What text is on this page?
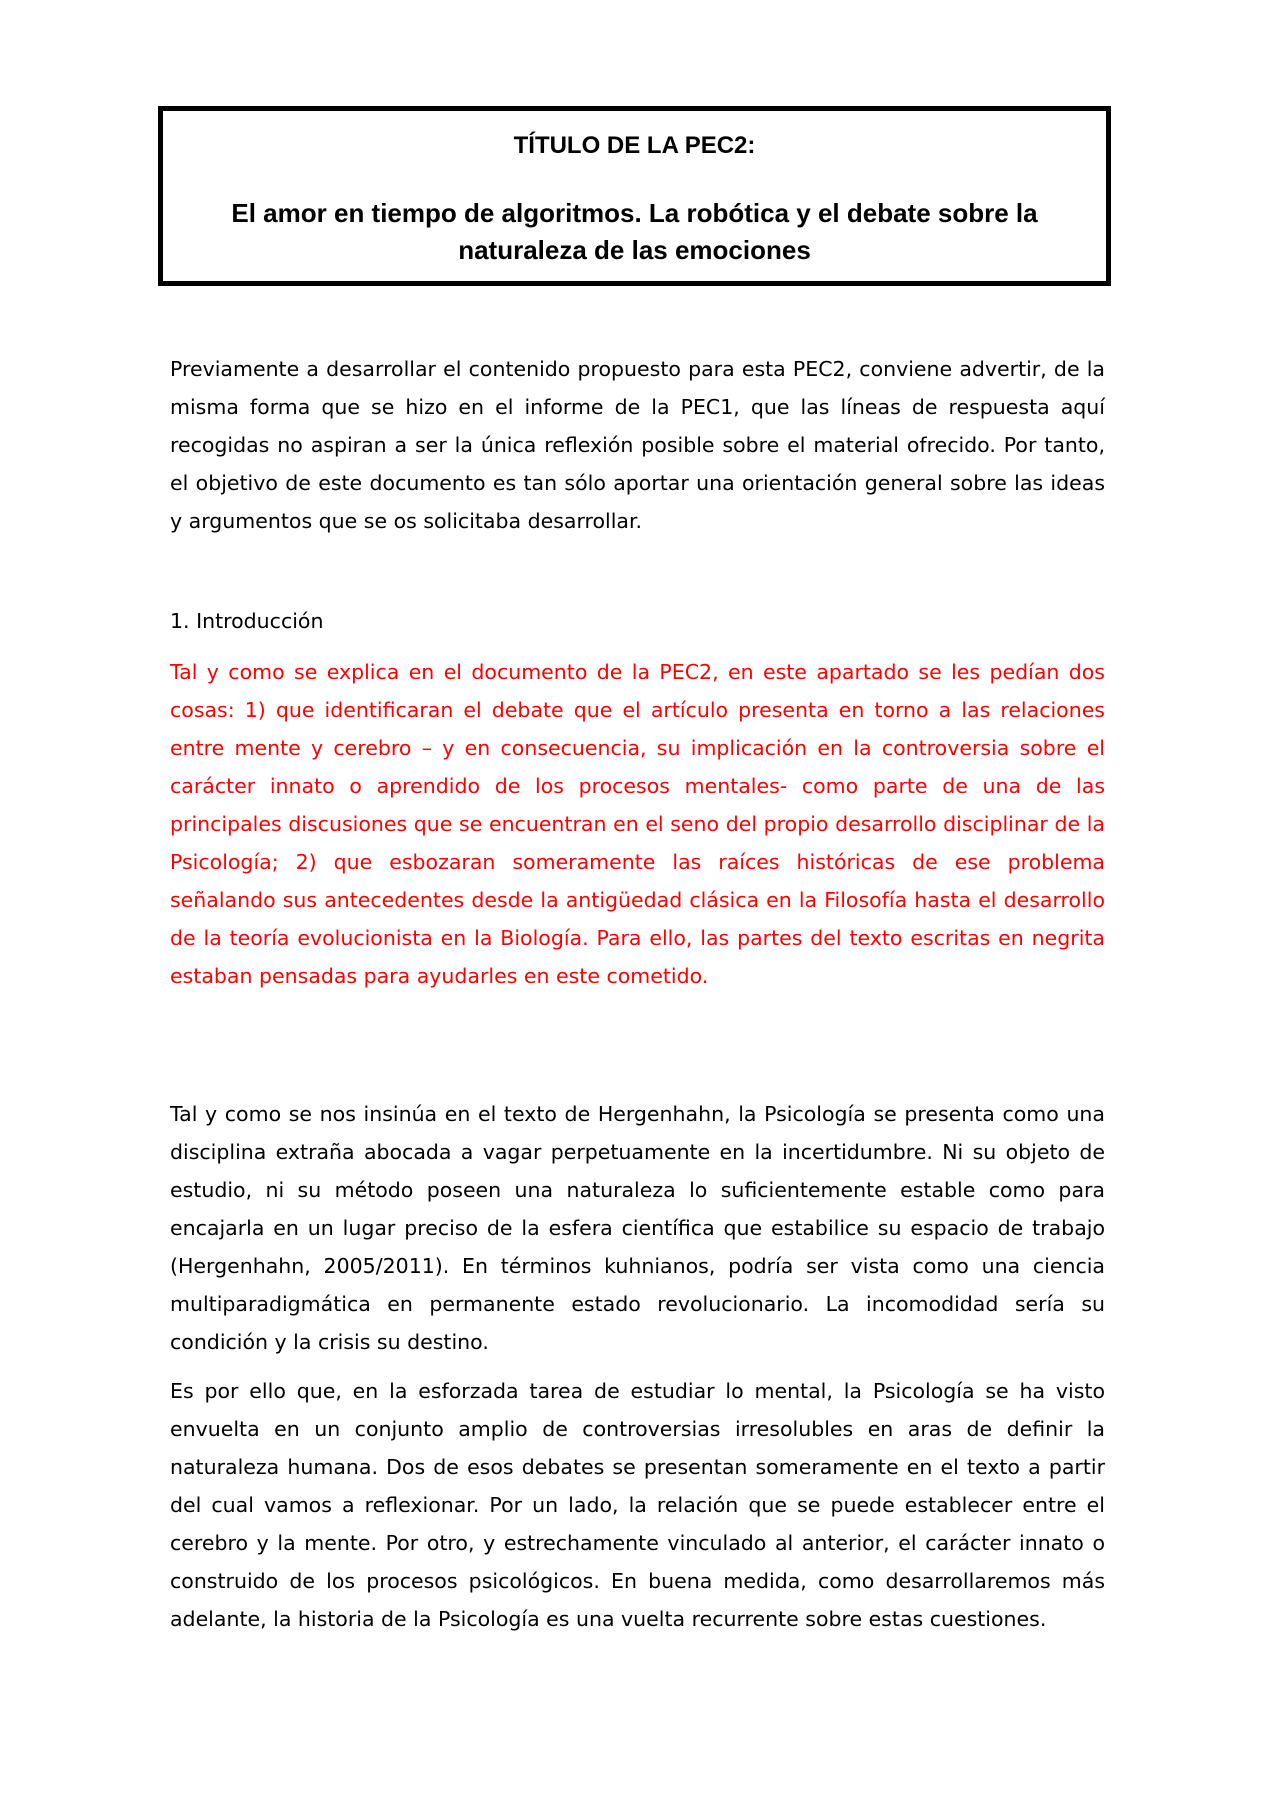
TÍTULO DE LA PEC2:
El amor en tiempo de algoritmos. La robótica y el debate sobre la naturaleza de las emociones

Previamente a desarrollar el contenido propuesto para esta PEC2, conviene advertir, de la misma forma que se hizo en el informe de la PEC1, que las líneas de respuesta aquí recogidas no aspiran a ser la única reflexión posible sobre el material ofrecido. Por tanto, el objetivo de este documento es tan sólo aportar una orientación general sobre las ideas y argumentos que se os solicitaba desarrollar.

1. Introducción

Tal y como se explica en el documento de la PEC2, en este apartado se les pedían dos cosas: 1) que identificaran el debate que el artículo presenta en torno a las relaciones entre mente y cerebro – y en consecuencia, su implicación en la controversia sobre el carácter innato o aprendido de los procesos mentales- como parte de una de las principales discusiones que se encuentran en el seno del propio desarrollo disciplinar de la Psicología; 2) que esbozaran someramente las raíces históricas de ese problema señalando sus antecedentes desde la antigüedad clásica en la Filosofía hasta el desarrollo de la teoría evolucionista en la Biología. Para ello, las partes del texto escritas en negrita estaban pensadas para ayudarles en este cometido.

Tal y como se nos insinúa en el texto de Hergenhahn, la Psicología se presenta como una disciplina extraña abocada a vagar perpetuamente en la incertidumbre. Ni su objeto de estudio, ni su método poseen una naturaleza lo suficientemente estable como para encajarla en un lugar preciso de la esfera científica que estabilice su espacio de trabajo (Hergenhahn, 2005/2011). En términos kuhnianos, podría ser vista como una ciencia multiparadigmática en permanente estado revolucionario. La incomodidad sería su condición y la crisis su destino.

Es por ello que, en la esforzada tarea de estudiar lo mental, la Psicología se ha visto envuelta en un conjunto amplio de controversias irresolubles en aras de definir la naturaleza humana. Dos de esos debates se presentan someramente en el texto a partir del cual vamos a reflexionar. Por un lado, la relación que se puede establecer entre el cerebro y la mente. Por otro, y estrechamente vinculado al anterior, el carácter innato o construido de los procesos psicológicos. En buena medida, como desarrollaremos más adelante, la historia de la Psicología es una vuelta recurrente sobre estas cuestiones.
